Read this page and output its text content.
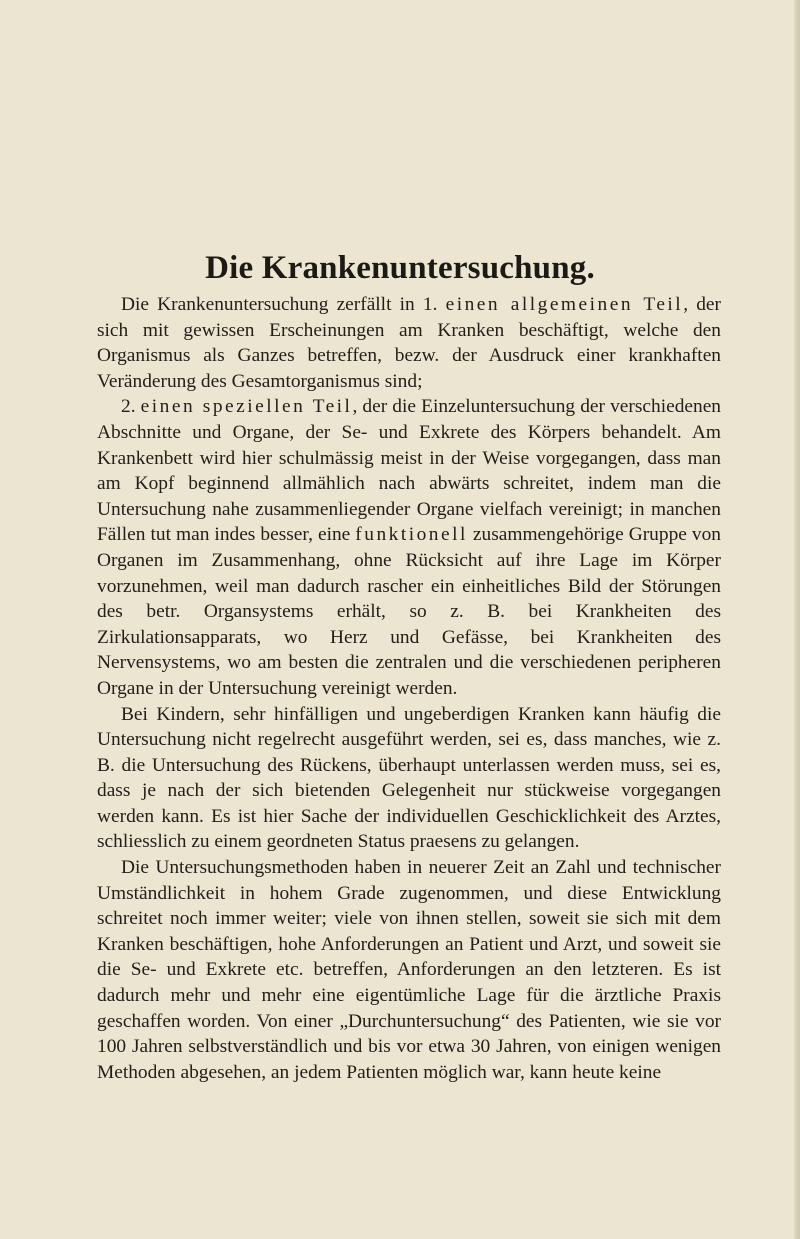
Die Krankenuntersuchung.

Die Krankenuntersuchung zerfällt in 1. einen allgemeinen Teil, der sich mit gewissen Erscheinungen am Kranken beschäftigt, welche den Organismus als Ganzes betreffen, bezw. der Ausdruck einer krankhaften Veränderung des Gesamtorganismus sind;

2. einen speziellen Teil, der die Einzeluntersuchung der verschiedenen Abschnitte und Organe, der Se- und Exkrete des Körpers behandelt. Am Krankenbett wird hier schulmässig meist in der Weise vorgegangen, dass man am Kopf beginnend allmählich nach abwärts schreitet, indem man die Untersuchung nahe zusammenliegender Organe vielfach vereinigt; in manchen Fällen tut man indes besser, eine funktionell zusammengehörige Gruppe von Organen im Zusammenhang, ohne Rücksicht auf ihre Lage im Körper vorzunehmen, weil man dadurch rascher ein einheitliches Bild der Störungen des betr. Organsystems erhält, so z. B. bei Krankheiten des Zirkulationsapparats, wo Herz und Gefässe, bei Krankheiten des Nervensystems, wo am besten die zentralen und die verschiedenen peripheren Organe in der Untersuchung vereinigt werden.

Bei Kindern, sehr hinfälligen und ungeberdigen Kranken kann häufig die Untersuchung nicht regelrecht ausgeführt werden, sei es, dass manches, wie z. B. die Untersuchung des Rückens, überhaupt unterlassen werden muss, sei es, dass je nach der sich bietenden Gelegenheit nur stückweise vorgegangen werden kann. Es ist hier Sache der individuellen Geschicklichkeit des Arztes, schliesslich zu einem geordneten Status praesens zu gelangen.

Die Untersuchungsmethoden haben in neuerer Zeit an Zahl und technischer Umständlichkeit in hohem Grade zugenommen, und diese Entwicklung schreitet noch immer weiter; viele von ihnen stellen, soweit sie sich mit dem Kranken beschäftigen, hohe Anforderungen an Patient und Arzt, und soweit sie die Se- und Exkrete etc. betreffen, Anforderungen an den letzteren. Es ist dadurch mehr und mehr eine eigentümliche Lage für die ärztliche Praxis geschaffen worden. Von einer „Durchuntersuchung“ des Patienten, wie sie vor 100 Jahren selbstverständlich und bis vor etwa 30 Jahren, von einigen wenigen Methoden abgesehen, an jedem Patienten möglich war, kann heute keine
